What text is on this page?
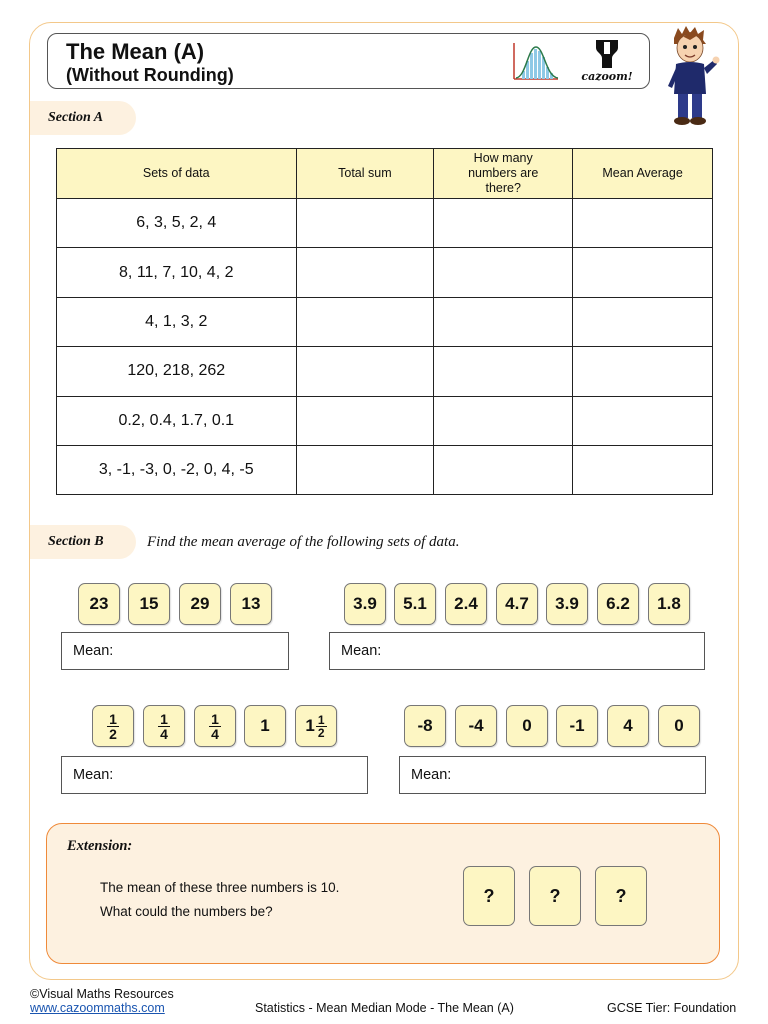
The Mean (A)
(Without Rounding)	cazoom!
Section A
Sets of data	Total sum	How many numbers are there?	Mean Average
6, 3, 5, 2, 4			
8, 11, 7, 10, 4, 2			
4, 1, 3, 2			
120, 218, 262			
0.2, 0.4, 1.7, 0.1			
3, -1, -3, 0, -2, 0, 4, -5			
Section B	Find the mean average of the following sets of data.
23	15	29	13
Mean:
3.9	5.1	2.4	4.7	3.9	6.2	1.8
Mean:
$\frac{1}{2}$	$\frac{1}{4}$	$\frac{1}{4}$	1	$1 \frac{1}{2}$
Mean:
-8	-4	0	-1	4	0
Mean:
Extension:
The mean of these three numbers is 10.
What could the numbers be?
?	?	?
©Visual Maths Resources
www.cazoommaths.com	Statistics - Mean Median Mode - The Mean (A)	GCSE Tier: Foundation
